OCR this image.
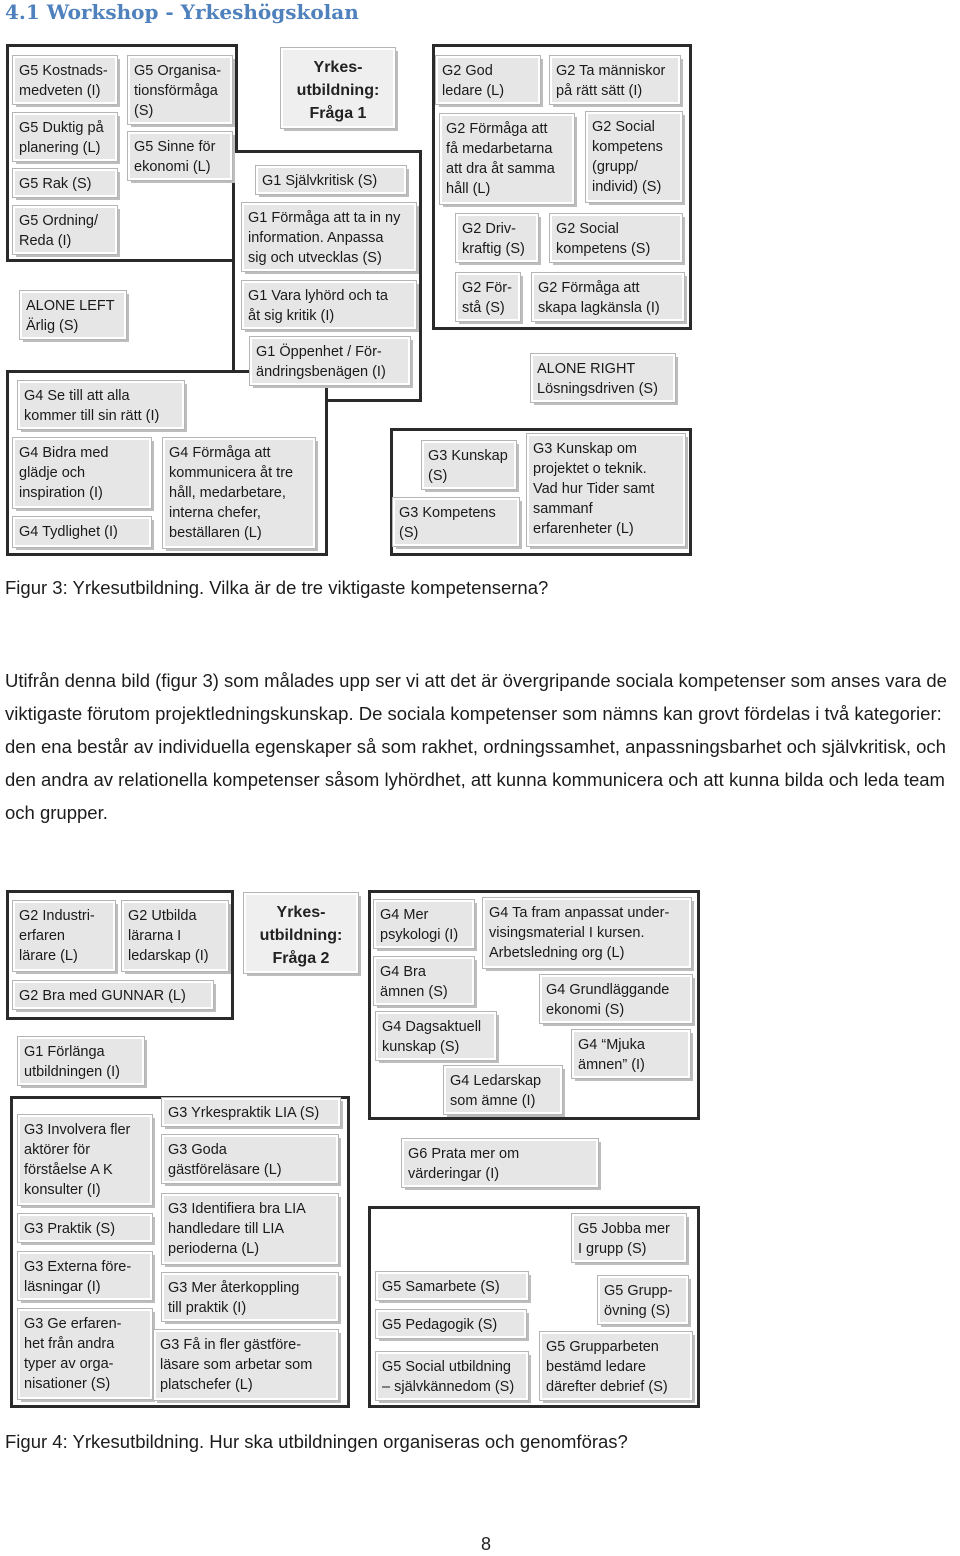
4.1 Workshop - Yrkeshögskolan
Yrkes-
utbildning:
Fråga 1
G5 Kostnads-
medveten (I)
G5 Organisa-
tionsförmåga
(S)
G5 Duktig på
planering (L)	G5 Sinne för
ekonomi (L)
G5 Rak (S)
G5 Ordning/
Reda (I)
G1 Självkritisk (S)
G1 Förmåga att ta in ny
information. Anpassa
sig och utvecklas (S)
G1 Vara lyhörd och ta
åt sig kritik (I)
G1 Öppenhet / För-
ändringsbenägen (I)
G2 God
ledare (L)
G2 Ta människor
på rätt sätt (I)
G2 Förmåga att
få medarbetarna
att dra åt samma
håll (L)
G2 Social
kompetens
(grupp/
individ) (S)
G2 Driv-
kraftig (S)
G2 Social
kompetens (S)
G2 För-
stå (S)
G2 Förmåga att
skapa lagkänsla (I)
ALONE LEFT
Ärlig (S)
ALONE RIGHT
Lösningsdriven (S)
G4 Se till att alla
kommer till sin rätt (I)
G4 Bidra med
glädje och
inspiration (I)
G4 Förmåga att
kommunicera åt tre
håll, medarbetare,
interna chefer,
beställaren (L)
G4 Tydlighet (I)
G3 Kunskap
(S)
G3 Kompetens
(S)
G3 Kunskap om
projektet o teknik.
Vad hur Tider samt
sammanf
erfarenheter (L)
Figur 3: Yrkesutbildning. Vilka är de tre viktigaste kompetenserna?
Utifrån denna bild (figur 3) som målades upp ser vi att det är övergripande sociala kompetenser som anses vara de viktigaste förutom projektledningskunskap. De sociala kompetenser som nämns kan grovt fördelas i två kategorier: den ena består av individuella egenskaper så som rakhet, ordningssamhet, anpassningsbarhet och självkritisk, och den andra av relationella kompetenser såsom lyhördhet, att kunna kommunicera och att kunna bilda och leda team och grupper.
Yrkes-
utbildning:
Fråga 2
G2 Industri-
erfaren
lärare (L)
G2 Utbilda
lärarna I
ledarskap (I)
G2 Bra med GUNNAR (L)
G1 Förlänga
utbildningen (I)
G4 Mer
psykologi (I)
G4 Ta fram anpassat under-
visingsmaterial I kursen.
Arbetsledning org (L)
G4 Bra
ämnen (S)	G4 Grundläggande
ekonomi (S)
G4 Dagsaktuell
kunskap (S)	G4 “Mjuka
ämnen” (I)
G4 Ledarskap
som ämne (I)
G3 Involvera fler
aktörer för
förståelse A K
konsulter (I)
G3 Yrkespraktik LIA (S)
G3 Goda
gästföreläsare (L)
G3 Praktik (S)
G3 Identifiera bra LIA
handledare till LIA
perioderna (L)
G3 Externa före-
läsningar (I)	G3 Mer återkoppling
till praktik (I)
G3 Ge erfaren-
het från andra
typer av orga-
nisationer (S)
G3 Få in fler gästföre-
läsare som arbetar som
platschefer (L)
G6 Prata mer om
värderingar (I)
G5 Jobba mer
I grupp (S)
G5 Samarbete (S)	G5 Grupp-
övning (S)
G5 Pedagogik (S)
G5 Social utbildning
– självkännedom (S)
G5 Grupparbeten
bestämd ledare
därefter debrief (S)
Figur 4: Yrkesutbildning. Hur ska utbildningen organiseras och genomföras?
8
